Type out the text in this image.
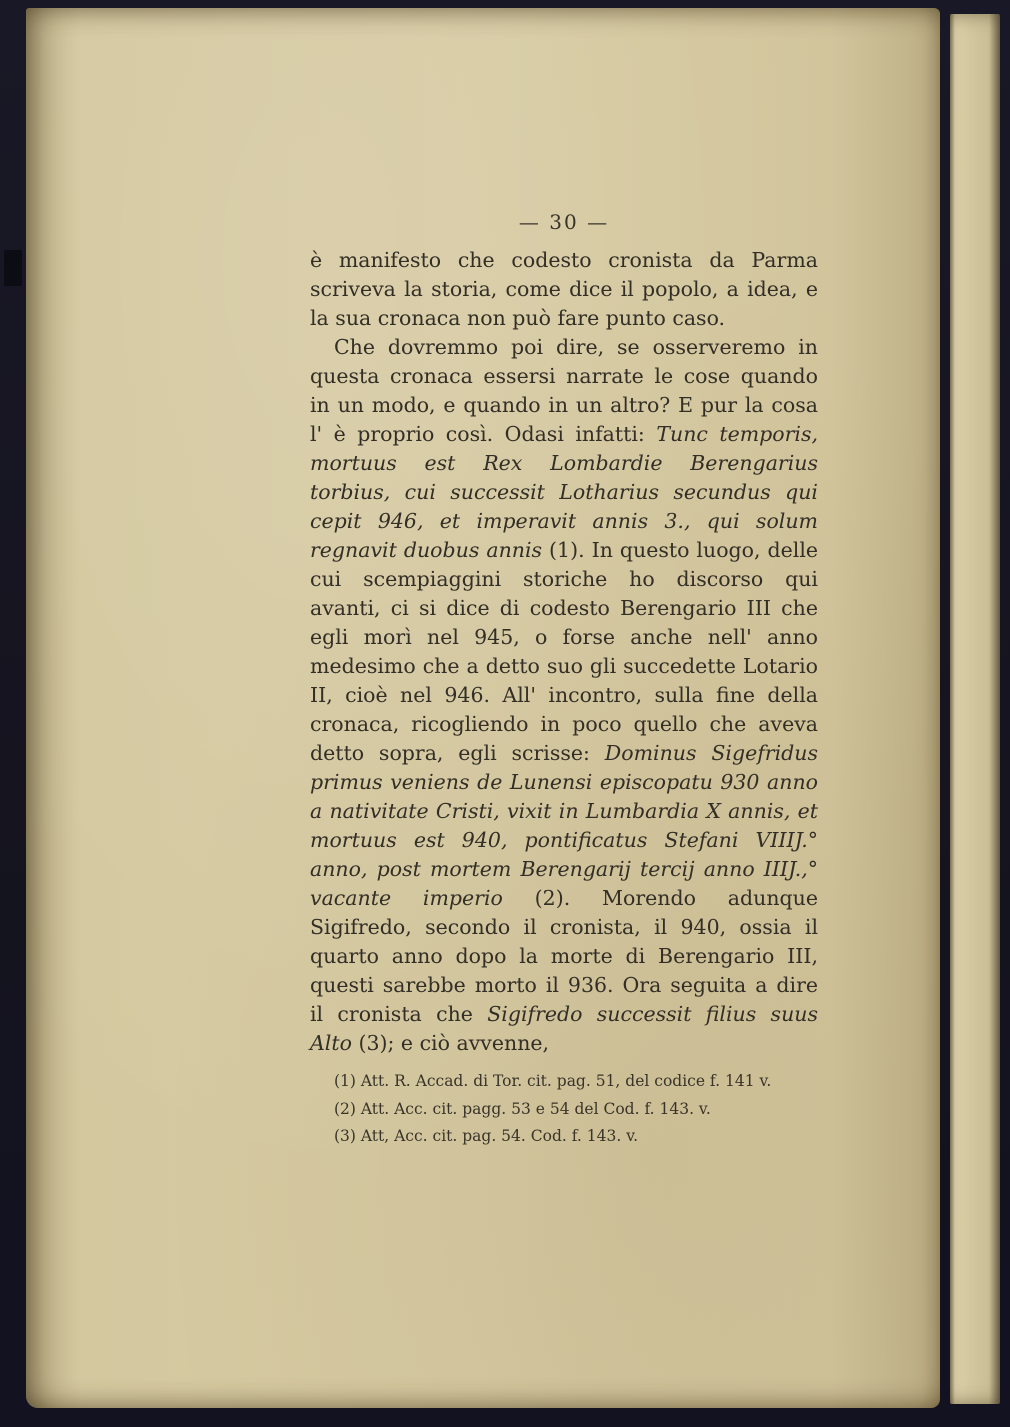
— 30 —

è manifesto che codesto cronista da Parma scriveva la storia, come dice il popolo, a idea, e la sua cronaca non può fare punto caso.

Che dovremmo poi dire, se osserveremo in questa cronaca essersi narrate le cose quando in un modo, e quando in un altro? E pur la cosa l' è proprio così. Odasi infatti: Tunc temporis, mortuus est Rex Lombardie Berengarius torbius, cui successit Lotharius secundus qui cepit 946, et imperavit annis 3., qui solum regnavit duobus annis (1). In questo luogo, delle cui scempiaggini storiche ho discorso qui avanti, ci si dice di codesto Berengario III che egli morì nel 945, o forse anche nell' anno medesimo che a detto suo gli succedette Lotario II, cioè nel 946. All' incontro, sulla fine della cronaca, ricogliendo in poco quello che aveva detto sopra, egli scrisse: Dominus Sigefridus primus veniens de Lunensi episcopatu 930 anno a nativitate Cristi, vixit in Lumbardia X annis, et mortuus est 940, pontificatus Stefani VIIIJ.° anno, post mortem Berengarij tercij anno IIIJ.,° vacante imperio (2). Morendo adunque Sigifredo, secondo il cronista, il 940, ossia il quarto anno dopo la morte di Berengario III, questi sarebbe morto il 936. Ora seguita a dire il cronista che Sigifredo successit filius suus Alto (3); e ciò avvenne,

(1) Att. R. Accad. di Tor. cit. pag. 51, del codice f. 141 v.

(2) Att. Acc. cit. pagg. 53 e 54 del Cod. f. 143. v.

(3) Att, Acc. cit. pag. 54. Cod. f. 143. v.
